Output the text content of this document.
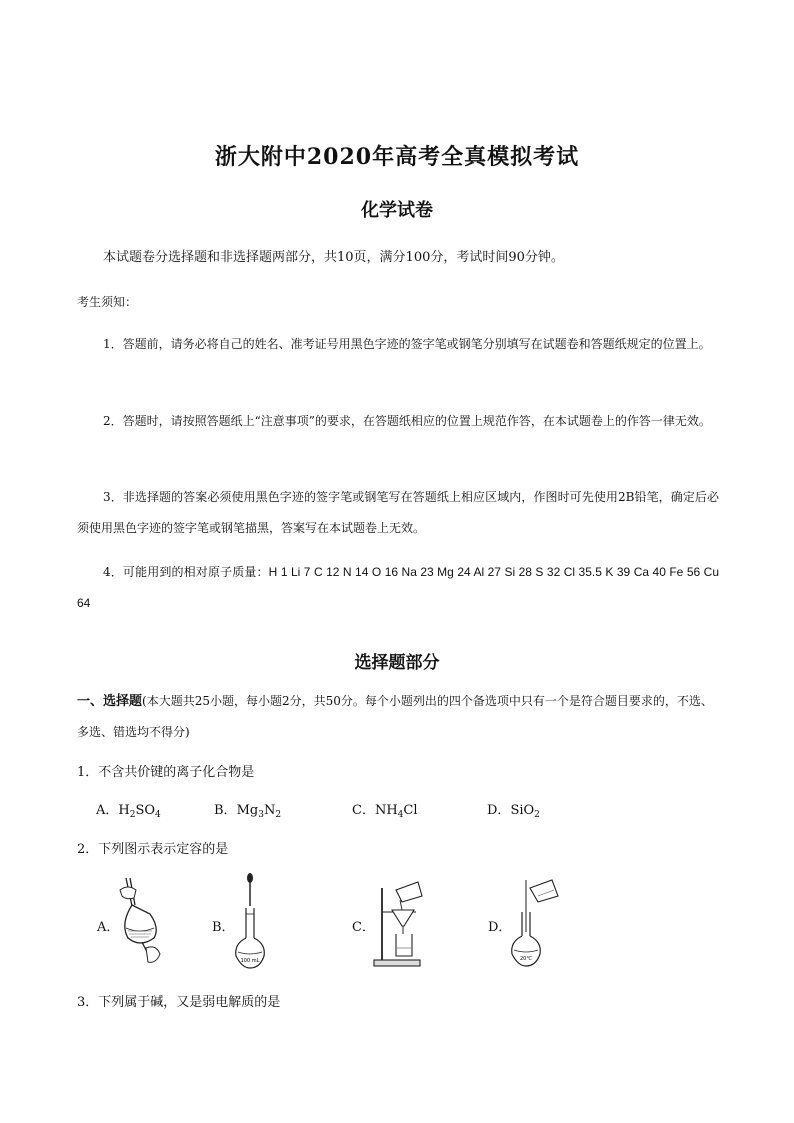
浙大附中2020年高考全真模拟考试
化学试卷
本试题卷分选择题和非选择题两部分，共10页，满分100分，考试时间90分钟。
考生须知：
1．答题前，请务必将自己的姓名、准考证号用黑色字迹的签字笔或钢笔分别填写在试题卷和答题纸规定的位置上。
2．答题时，请按照答题纸上“注意事项”的要求，在答题纸相应的位置上规范作答，在本试题卷上的作答一律无效。
3．非选择题的答案必须使用黑色字迹的签字笔或钢笔写在答题纸上相应区域内，作图时可先使用2B铅笔，确定后必须使用黑色字迹的签字笔或钢笔描黑，答案写在本试题卷上无效。
4．可能用到的相对原子质量：H 1 Li 7 C 12 N 14 O 16 Na 23 Mg 24 Al 27 Si 28 S 32 Cl 35.5 K 39 Ca 40 Fe 56 Cu 64
选择题部分
一、选择题(本大题共25小题，每小题2分，共50分。每个小题列出的四个备选项中只有一个是符合题目要求的，不选、多选、错选均不得分)
1．不含共价键的离子化合物是
A．$H_2SO_4$	B．$Mg_3N_2$	C．$NH_4Cl$	D．SiO$_2$
2．下列图示表示定容的是
A．	B．
100 mL
C．	D．
20℃
3．下列属于碱，又是弱电解质的是
